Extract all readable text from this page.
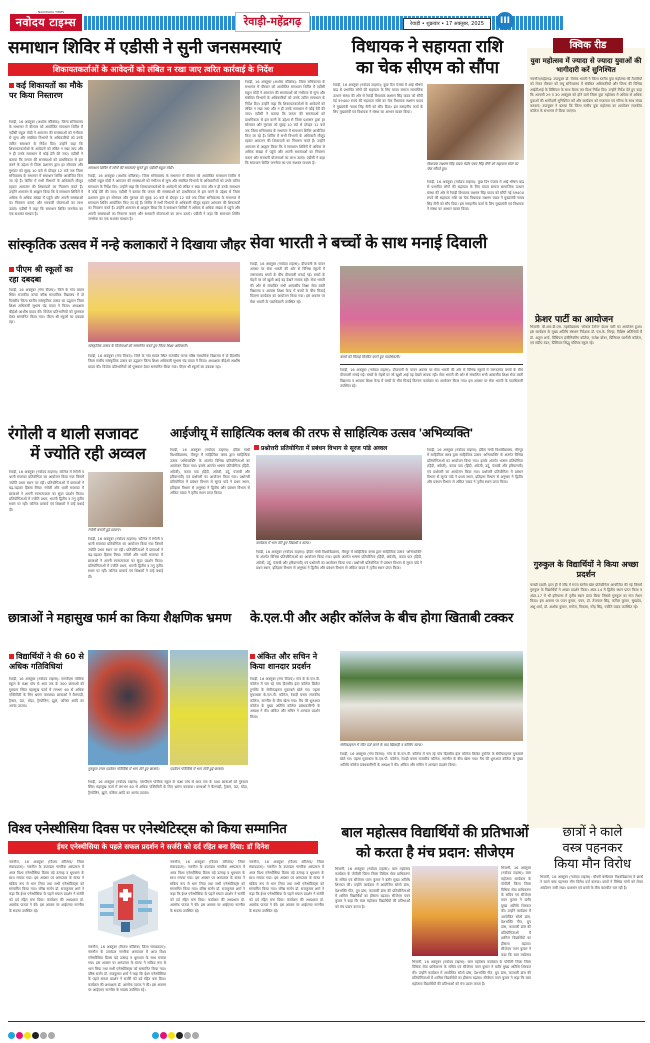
NAVODAYA TIMES
नवोदय टाइम्स	रेवाड़ी-महेंद्रगढ़	रेवाड़ी • शुक्रवार • 17 अक्तूबर, 2025	III
समाधान शिविर में एडीसी ने सुनी जनसमस्याएं
शिकायतकर्ताओं के आवेदनों को लंबित न रखा जाए त्वरित कार्रवाई के निर्देश
कई शिकायतों का मौके पर किया निस्तारण
रेवाड़ी, 16 अक्तूबर (अशोक कौशिक): जिला सचिवालय के सभागार में वीरवार को आयोजित समाधान शिविर में एडीसी राहुल मोदी ने आमजन की समस्याओं को गंभीरता से सुना और संबंधित विभागों के अधिकारियों को उनके त्वरित समाधान के निर्देश दिए। उन्होंने कहा कि शिकायतकर्ताओं के आवेदनों को लंबित न रखा जाए और न ही उनके समाधान में कोई देरी की जाए। एडीसी ने बताया कि जनता की समस्याओं को प्राथमिकता से हल करने के उद्देश्य से जिला प्रशासन द्वारा हर सोमवार और गुरुवार को सुबह 10 बजे से दोपहर 12 बजे तक जिला सचिवालय के सभागार में समाधान शिविर आयोजित किए जा रहे हैं। शिविर में सभी विभागों के अधिकारी मौजूद रहकर आमजन की शिकायतों का निवारण करते हैं। उन्होंने आमजन से आह्वान किया कि वे समाधान शिविरों में अधिक से अधिक संख्या में पहुंचे और अपनी समस्याओं का निवारण कराएं और सरकारी योजनाओं का लाभ उठाएं। एडीसी ने कहा कि समाधान शिविर जनसेवा का एक सशक्त माध्यम है।
समाधान शिविर में लोगों की समस्याएं सुनते हुए एडीसी राहुल मोदी।
रेवाड़ी, 16 अक्तूबर (अशोक कौशिक): जिला सचिवालय के सभागार में वीरवार को आयोजित समाधान शिविर में एडीसी राहुल मोदी ने आमजन की समस्याओं को गंभीरता से सुना और संबंधित विभागों के अधिकारियों को उनके त्वरित समाधान के निर्देश दिए। उन्होंने कहा कि शिकायतकर्ताओं के आवेदनों को लंबित न रखा जाए और न ही उनके समाधान में कोई देरी की जाए। एडीसी ने बताया कि जनता की समस्याओं को प्राथमिकता से हल करने के उद्देश्य से जिला प्रशासन द्वारा हर सोमवार और गुरुवार को सुबह 10 बजे से दोपहर 12 बजे तक जिला सचिवालय के सभागार में समाधान शिविर आयोजित किए जा रहे हैं। शिविर में सभी विभागों के अधिकारी मौजूद रहकर आमजन की शिकायतों का निवारण करते हैं। उन्होंने आमजन से आह्वान किया कि वे समाधान शिविरों में अधिक से अधिक संख्या में पहुंचे और अपनी समस्याओं का निवारण कराएं और सरकारी योजनाओं का लाभ उठाएं। एडीसी ने कहा कि समाधान शिविर जनसेवा का एक सशक्त माध्यम है।
रेवाड़ी, 16 अक्तूबर (अशोक कौशिक): जिला सचिवालय के सभागार में वीरवार को आयोजित समाधान शिविर में एडीसी राहुल मोदी ने आमजन की समस्याओं को गंभीरता से सुना और संबंधित विभागों के अधिकारियों को उनके त्वरित समाधान के निर्देश दिए। उन्होंने कहा कि शिकायतकर्ताओं के आवेदनों को लंबित न रखा जाए और न ही उनके समाधान में कोई देरी की जाए। एडीसी ने बताया कि जनता की समस्याओं को प्राथमिकता से हल करने के उद्देश्य से जिला प्रशासन द्वारा हर सोमवार और गुरुवार को सुबह 10 बजे से दोपहर 12 बजे तक जिला सचिवालय के सभागार में समाधान शिविर आयोजित किए जा रहे हैं। शिविर में सभी विभागों के अधिकारी मौजूद रहकर आमजन की शिकायतों का निवारण करते हैं। उन्होंने आमजन से आह्वान किया कि वे समाधान शिविरों में अधिक से अधिक संख्या में पहुंचे और अपनी समस्याओं का निवारण कराएं और सरकारी योजनाओं का लाभ उठाएं। एडीसी ने कहा कि समाधान शिविर जनसेवा का एक सशक्त माध्यम है।
विधायक ने सहायता राशि
का चेक सीएम को सौंपा
रेवाड़ी, 16 अक्तूबर (नवोदय टाइम्स): कुछ दिन पंजाब में आई भीषण बाढ़ से प्रभावित लोगों की सहायता के लिए यादव समाज सामाजिक उत्थान संस्था की ओर से रेवाड़ी विधायक लक्ष्मण सिंह यादव को सौंपी गई 59400 रुपये की सहायता राशि का चेक विधायक लक्ष्मण यादव ने मुख्यमंत्री नायब सिंह सैनी को सौंप दिया। इस सराहनीय कार्य के लिए मुख्यमंत्री एवं विधायक ने संस्था का आभार व्यक्त किया।
विधायक लक्ष्मण सिंह यादव मंडोर एवम सिंह सैनी को सहायता राशि का चेक सौंपते हुए।
रेवाड़ी, 16 अक्तूबर (नवोदय टाइम्स): कुछ दिन पंजाब में आई भीषण बाढ़ से प्रभावित लोगों की सहायता के लिए यादव समाज सामाजिक उत्थान संस्था की ओर से रेवाड़ी विधायक लक्ष्मण सिंह यादव को सौंपी गई 59400 रुपये की सहायता राशि का चेक विधायक लक्ष्मण यादव ने मुख्यमंत्री नायब सिंह सैनी को सौंप दिया। इस सराहनीय कार्य के लिए मुख्यमंत्री एवं विधायक ने संस्था का आभार व्यक्त किया।
क्विक रीड
युवा महोत्सव में ज्यादा से ज्यादा युवाओं की भागीदारी करें सुनिश्चित
नारनौल/महेंद्रगढ़: उपायुक्त डॉ. विवेक भारती ने जिला स्तरीय युवा महोत्सव की तैयारियों को लेकर वीरवार को लघु सचिवालय में संबंधित अधिकारियों और जिला की विभिन्न आईटीआई के प्रिंसिपल के साथ बैठक कर दिशा निर्देश दिए। उन्होंने निर्देश देते हुए कहा कि आगामी 29 व 30 अक्तूबर को होने वाले जिला युवा महोत्सव में अधिक से अधिक युवाओं की भागीदारी सुनिश्चित करें और कार्यक्रम को सफलता एवं गरिमा के साथ संपन्न करवाएं। उपायुक्त ने बताया कि जिला स्तरीय युवा महोत्सव का आयोजन राजकीय कॉलेज के सभागार में किया जाएगा।
फ्रेशर पार्टी का आयोजन
भिवानी: बी.आर.डी.एस. महाविद्यालय 'लोकल टेलेन्ट' फ्रेशर पार्टी का आयोजन हुआ। इस कार्यक्रम के मुख्य अतिथि संस्थान निदेशक डॉ. एस.के. सिन्हा, विशिष्ट अतिथियों में डॉ. अतुल शर्मा, प्रिंसिपल इंजीनियरिंग कॉलेज, राजेश ग्रोवर, प्रिंसिपल फार्मेसी कॉलेज, एवं संदीप टंडन, प्रिंसिपल सिद्धू पब्लिक स्कूल रहे।
गुरुकुल के विद्यार्थियों ने किया अच्छा प्रदर्शन
चरखी दादरी: हाल ही में जींद में राज्य स्तरीय खेल प्रतियोगिता आयोजित की गई जिसमें गुरुकुल के विद्यार्थियों ने अच्छा प्रदर्शन किया। अंडर-14 में द्वितीय स्थान प्राप्त किया व अंडर-17 में भी हरियाणा में तृतीय स्थान प्राप्त किया जिससे गुरुकुल का नाम रोशन किया। इस अवसर पर पवन कुमार, पवन, डॉ. तेजपाल सिंह, कपिल कुमार, सुखदेव, अंशु शर्मा, डॉ. अशोक कुमार, मनोज, विकास, नरेंद्र सिंह, ज्योति यादव उपस्थित रहे।
सांस्कृतिक उत्सव में नन्हे कलाकारों ने दिखाया जौहर
पीएम श्री स्कूलों का रहा दबदबा
रेवाड़ी, 16 अक्तूबर (गंगा विजय): जिले के गांव बावल स्थित राजकीय कन्या वरिष्ठ माध्यमिक विद्यालय में दो दिवसीय जिला स्तरीय सांस्कृतिक उत्सव का उद्घाटन जिला शिक्षा अधिकारी सुभाष चंद्र यादव ने किया। अध्यक्षता बीईओ आशीष यादव की। विजेता प्रतिभागियों को पुरस्कार देकर सम्मानित किया गया। पीएम श्री स्कूलों का दबदबा रहा।
सांस्कृतिक उत्सव के विजेताओं को सम्मानित करते हुए जिला शिक्षा अधिकारी।
रेवाड़ी, 16 अक्तूबर (गंगा विजय): जिले के गांव बावल स्थित राजकीय कन्या वरिष्ठ माध्यमिक विद्यालय में दो दिवसीय जिला स्तरीय सांस्कृतिक उत्सव का उद्घाटन जिला शिक्षा अधिकारी सुभाष चंद्र यादव ने किया। अध्यक्षता बीईओ आशीष यादव की। विजेता प्रतिभागियों को पुरस्कार देकर सम्मानित किया गया। पीएम श्री स्कूलों का दबदबा रहा।
सेवा भारती ने बच्चों के साथ मनाई दिवाली
रेवाड़ी, 16 अक्तूबर (नवोदय टाइम्स): दीपावली के पावन अवसर पर सेवा भारती की ओर से विभिन्न स्कूलों में जरूरतमंद बच्चों के बीच दीपावली मनाई गई। बच्चों के चेहरों पर जो खुशी आई वह देखने लायक रही। सेवा भारती की ओर से संचालित सभी आवासीय शिक्षा सेवा बस्ती विद्यालय व आवास शिक्षा केन्द्र में बच्चों के बीच मिठाई वितरण कार्यक्रम का आयोजन किया गया। इस अवसर पर सेवा भारती के पदाधिकारी उपस्थित रहे।
बच्चों को मिठाई वितरित करते हुए पदाधिकारी।
रेवाड़ी, 16 अक्तूबर (नवोदय टाइम्स): दीपावली के पावन अवसर पर सेवा भारती की ओर से विभिन्न स्कूलों में जरूरतमंद बच्चों के बीच दीपावली मनाई गई। बच्चों के चेहरों पर जो खुशी आई वह देखने लायक रही। सेवा भारती की ओर से संचालित सभी आवासीय शिक्षा सेवा बस्ती विद्यालय व आवास शिक्षा केन्द्र में बच्चों के बीच मिठाई वितरण कार्यक्रम का आयोजन किया गया। इस अवसर पर सेवा भारती के पदाधिकारी उपस्थित रहे।
रंगोली व थाली सजावट
में ज्योति रही अव्वल
रेवाड़ी, 16 अक्तूबर (नवोदय टाइम्स): कॉलेज में रंगोली व थाली सजावट प्रतियोगिता का आयोजन किया गया जिसमें ज्योति प्रथम स्थान पर रही। प्रतियोगिताओं में छात्राओं ने बढ़-चढ़कर हिस्सा लिया। रंगोली और थाली सजावट में छात्राओं ने अपनी रचनात्मकता का सुंदर प्रदर्शन किया। प्रतियोगिताओं में ज्योति प्रथम, भारती द्वितीय व तनु तृतीय स्थान पर रहीं। कॉलेज प्राचार्य एवं शिक्षकों ने उन्हें बधाई दी।
रंगोली बनाती हुई छात्राएं।
रेवाड़ी, 16 अक्तूबर (नवोदय टाइम्स): कॉलेज में रंगोली व थाली सजावट प्रतियोगिता का आयोजन किया गया जिसमें ज्योति प्रथम स्थान पर रही। प्रतियोगिताओं में छात्राओं ने बढ़-चढ़कर हिस्सा लिया। रंगोली और थाली सजावट में छात्राओं ने अपनी रचनात्मकता का सुंदर प्रदर्शन किया। प्रतियोगिताओं में ज्योति प्रथम, भारती द्वितीय व तनु तृतीय स्थान पर रहीं। कॉलेज प्राचार्य एवं शिक्षकों ने उन्हें बधाई दी।
आईजीयू में साहित्यिक क्लब की तरफ से साहित्यिक उत्सव 'अभिव्यक्ति'
रेवाड़ी, 16 अक्तूबर (नवोदय टाइम्स): इंदिरा गांधी विश्वविद्यालय, मीरपुर में साहित्यिक क्लब द्वारा साहित्यिक उत्सव 'अभिव्यक्ति' के अंतर्गत विभिन्न प्रतियोगिताओं का आयोजन किया गया। इसके अंतर्गत भाषण प्रतियोगिता (हिंदी, अंग्रेजी), काव्य पाठ (हिंदी, अंग्रेजी, उर्दू, पंजाबी और हरियाणवी) एवं प्रश्नोत्तरी का आयोजन किया गया। प्रश्नोत्तरी प्रतियोगिता में प्रबंधन विभाग से सूरज पांडे ने प्रथम स्थान, इतिहास विभाग से अनुष्का ने द्वितीय और प्रबंधन विभाग से अंकित यादव ने तृतीय स्थान प्राप्त किया।
प्रश्नोत्तरी प्रतियोगिता में प्रबंधन विभाग से सूरज पांडे अव्वल
कार्यक्रम में भाग लेते हुए विद्यार्थी व स्टाफ।
रेवाड़ी, 16 अक्तूबर (नवोदय टाइम्स): इंदिरा गांधी विश्वविद्यालय, मीरपुर में साहित्यिक क्लब द्वारा साहित्यिक उत्सव 'अभिव्यक्ति' के अंतर्गत विभिन्न प्रतियोगिताओं का आयोजन किया गया। इसके अंतर्गत भाषण प्रतियोगिता (हिंदी, अंग्रेजी), काव्य पाठ (हिंदी, अंग्रेजी, उर्दू, पंजाबी और हरियाणवी) एवं प्रश्नोत्तरी का आयोजन किया गया। प्रश्नोत्तरी प्रतियोगिता में प्रबंधन विभाग से सूरज पांडे ने प्रथम स्थान, इतिहास विभाग से अनुष्का ने द्वितीय और प्रबंधन विभाग से अंकित यादव ने तृतीय स्थान प्राप्त किया।
रेवाड़ी, 16 अक्तूबर (नवोदय टाइम्स): इंदिरा गांधी विश्वविद्यालय, मीरपुर में साहित्यिक क्लब द्वारा साहित्यिक उत्सव 'अभिव्यक्ति' के अंतर्गत विभिन्न प्रतियोगिताओं का आयोजन किया गया। इसके अंतर्गत भाषण प्रतियोगिता (हिंदी, अंग्रेजी), काव्य पाठ (हिंदी, अंग्रेजी, उर्दू, पंजाबी और हरियाणवी) एवं प्रश्नोत्तरी का आयोजन किया गया। प्रश्नोत्तरी प्रतियोगिता में प्रबंधन विभाग से सूरज पांडे ने प्रथम स्थान, इतिहास विभाग से अनुष्का ने द्वितीय और प्रबंधन विभाग से अंकित यादव ने तृतीय स्थान प्राप्त किया।
छात्राओं ने महासुख फार्म का किया शैक्षणिक भ्रमण
विद्यार्थियों ने की 60 से अधिक गतिविधियां
रेवाड़ी, 16 अक्तूबर (नवोदय टाइम्स): एसपीएस पब्लिक स्कूल के कक्षा पांच से आठ तक के 300 छात्राओं को गुरुग्राम स्थित महासुख फार्म में लगभग 60 से अधिक एक्टिविटी के लिए भ्रमण करवाया। छात्राओं ने बैलगाड़ी, ट्रैक्टर, ऊंट, घोड़ा, ट्रैम्पोलिन, झूले, फोरेस्ट आदि का आनंद उठाया।
गुरुकुल टनल एडवेंचर गतिविधि में भाग लेते हुए छात्राएं।	एडवेंचर गतिविधि में भाग लेती हुई छात्राएं।
रेवाड़ी, 16 अक्तूबर (नवोदय टाइम्स): एसपीएस पब्लिक स्कूल के कक्षा पांच से आठ तक के 300 छात्राओं को गुरुग्राम स्थित महासुख फार्म में लगभग 60 से अधिक एक्टिविटी के लिए भ्रमण करवाया। छात्राओं ने बैलगाड़ी, ट्रैक्टर, ऊंट, घोड़ा, ट्रैम्पोलिन, झूले, फोरेस्ट आदि का आनंद उठाया।
के.एल.पी और अहीर कॉलेज के बीच होगा खिताबी टक्कर
अंकित और सचिन ने किया शानदार प्रदर्शन
रेवाड़ी, 16 अक्तूबर (गंगा विजय): गांव के के.एल.पी. कॉलेज में चल रहे पांच दिवसीय इंटर कॉलेज क्रिकेट टूर्नामेंट के सेमीफाइनल मुकाबले खेले गए। पहला मुकाबला के.एल.पी. कॉलेज, रेवाड़ी बनाम राजकीय कॉलेज, नारनौल के बीच खेला गया। मैच की शुरुआत कॉलेज के मुख्य अतिथि कॉलेज प्रबंधकारिणी के अध्यक्ष ने की। अंकित और सचिन ने शानदार प्रदर्शन किया।
सेमीफाइनल में जीत दर्ज करने के बाद खिलाड़ी व कोचिंग स्टाफ।
रेवाड़ी, 16 अक्तूबर (गंगा विजय): गांव के के.एल.पी. कॉलेज में चल रहे पांच दिवसीय इंटर कॉलेज क्रिकेट टूर्नामेंट के सेमीफाइनल मुकाबले खेले गए। पहला मुकाबला के.एल.पी. कॉलेज, रेवाड़ी बनाम राजकीय कॉलेज, नारनौल के बीच खेला गया। मैच की शुरुआत कॉलेज के मुख्य अतिथि कॉलेज प्रबंधकारिणी के अध्यक्ष ने की। अंकित और सचिन ने शानदार प्रदर्शन किया।
विश्व एनेस्थीसिया दिवस पर एनेस्थेटिस्ट्स को किया सम्मानित
ईथर एनेस्थीसिया के पहले सफल प्रदर्शन ने सर्जरी को दर्द रहित बना दिया: डॉ दिनेश
नारनौल, 16 अक्तूबर (विजय कौशिक/ जिला संवाददाता): नारनौल के उपमंडल नागरिक अस्पताल में आज विश्व एनेस्थीसिया दिवस बड़े उत्साह व धूमधाम के साथ मनाया गया। इस अवसर पर अस्पताल के स्टाफ ने सक्रिय रूप से भाग लिया तथा सभी एनेस्थेटिस्ट्स को सम्मानित किया गया। वरिष्ठ सर्जन डॉ. राजकुमार शर्मा ने कहा कि ईथर एनेस्थीसिया के पहले सफल प्रदर्शन ने सर्जरी को दर्द रहित बना दिया। कार्यक्रम की अध्यक्षता डॉ. आलोक पाठक ने की। इस अवसर पर आईएमए नारनौल के सदस्य उपस्थित रहे।
नारनौल, 16 अक्तूबर (विजय कौशिक/ जिला संवाददाता): नारनौल के उपमंडल नागरिक अस्पताल में आज विश्व एनेस्थीसिया दिवस बड़े उत्साह व धूमधाम के साथ मनाया गया। इस अवसर पर अस्पताल के स्टाफ ने सक्रिय रूप से भाग लिया तथा सभी एनेस्थेटिस्ट्स को सम्मानित किया गया। वरिष्ठ सर्जन डॉ. राजकुमार शर्मा ने कहा कि ईथर एनेस्थीसिया के पहले सफल प्रदर्शन ने सर्जरी को दर्द रहित बना दिया। कार्यक्रम की अध्यक्षता डॉ. आलोक पाठक ने की। इस अवसर पर आईएमए नारनौल के सदस्य उपस्थित रहे।
नारनौल, 16 अक्तूबर (विजय कौशिक/ जिला संवाददाता): नारनौल के उपमंडल नागरिक अस्पताल में आज विश्व एनेस्थीसिया दिवस बड़े उत्साह व धूमधाम के साथ मनाया गया। इस अवसर पर अस्पताल के स्टाफ ने सक्रिय रूप से भाग लिया तथा सभी एनेस्थेटिस्ट्स को सम्मानित किया गया। वरिष्ठ सर्जन डॉ. राजकुमार शर्मा ने कहा कि ईथर एनेस्थीसिया के पहले सफल प्रदर्शन ने सर्जरी को दर्द रहित बना दिया। कार्यक्रम की अध्यक्षता डॉ. आलोक पाठक ने की। इस अवसर पर आईएमए नारनौल के सदस्य उपस्थित रहे।
नारनौल, 16 अक्तूबर (विजय कौशिक/ जिला संवाददाता): नारनौल के उपमंडल नागरिक अस्पताल में आज विश्व एनेस्थीसिया दिवस बड़े उत्साह व धूमधाम के साथ मनाया गया। इस अवसर पर अस्पताल के स्टाफ ने सक्रिय रूप से भाग लिया तथा सभी एनेस्थेटिस्ट्स को सम्मानित किया गया। वरिष्ठ सर्जन डॉ. राजकुमार शर्मा ने कहा कि ईथर एनेस्थीसिया के पहले सफल प्रदर्शन ने सर्जरी को दर्द रहित बना दिया। कार्यक्रम की अध्यक्षता डॉ. आलोक पाठक ने की। इस अवसर पर आईएमए नारनौल के सदस्य उपस्थित रहे।
बाल महोत्सव विद्यार्थियों की प्रतिभाओं
को करता है मंच प्रदान: सीजेएम
भिवानी, 16 अक्तूबर (नवोदय टाइम्स): बाल महोत्सव कार्यक्रम के पोपीली जिला जिला विधिक सेवा प्राधिकरण के सचिव एवं सीजेएम पवन कुमार ने बतौर मुख्य अतिथि शिरकत की। उन्होंने कार्यक्रम में आयोजित सोलो डांस, देशभक्ति गीत, ग्रुप डांस, कव्वाली डांस की प्रतियोगिताओं में शामिल विद्यार्थियों का हौसला बढ़ाया। सीजेएम पवन कुमार ने कहा कि बाल महोत्सव विद्यार्थियों की प्रतिभाओं को मंच प्रदान करता है।
भिवानी, 16 अक्तूबर (नवोदय टाइम्स): बाल महोत्सव कार्यक्रम के पोपीली जिला जिला विधिक सेवा प्राधिकरण के सचिव एवं सीजेएम पवन कुमार ने बतौर मुख्य अतिथि शिरकत की। उन्होंने कार्यक्रम में आयोजित सोलो डांस, देशभक्ति गीत, ग्रुप डांस, कव्वाली डांस की प्रतियोगिताओं में शामिल विद्यार्थियों का हौसला बढ़ाया। सीजेएम पवन कुमार ने कहा कि बाल महोत्सव
भिवानी, 16 अक्तूबर (नवोदय टाइम्स): बाल महोत्सव कार्यक्रम के पोपीली जिला जिला विधिक सेवा प्राधिकरण के सचिव एवं सीजेएम पवन कुमार ने बतौर मुख्य अतिथि शिरकत की। उन्होंने कार्यक्रम में आयोजित सोलो डांस, देशभक्ति गीत, ग्रुप डांस, कव्वाली डांस की प्रतियोगिताओं में शामिल विद्यार्थियों का हौसला बढ़ाया। सीजेएम पवन कुमार ने कहा कि बाल महोत्सव विद्यार्थियों की प्रतिभाओं को मंच प्रदान करता है।
छात्रों ने काले
वस्त्र पहनकर
किया मौन विरोध
भिवानी, 16 अक्तूबर (नवोदय टाइम्स): चौधरी बंसीलाल विश्वविद्यालय में छात्रों ने काले वस्त्र पहनकर मौन विरोध दर्ज कराया। छात्रों ने विभिन्न मांगों को लेकर आंदोलन जारी रखा। प्रशासन एवं छात्रों के बीच बातचीत चल रही है।
